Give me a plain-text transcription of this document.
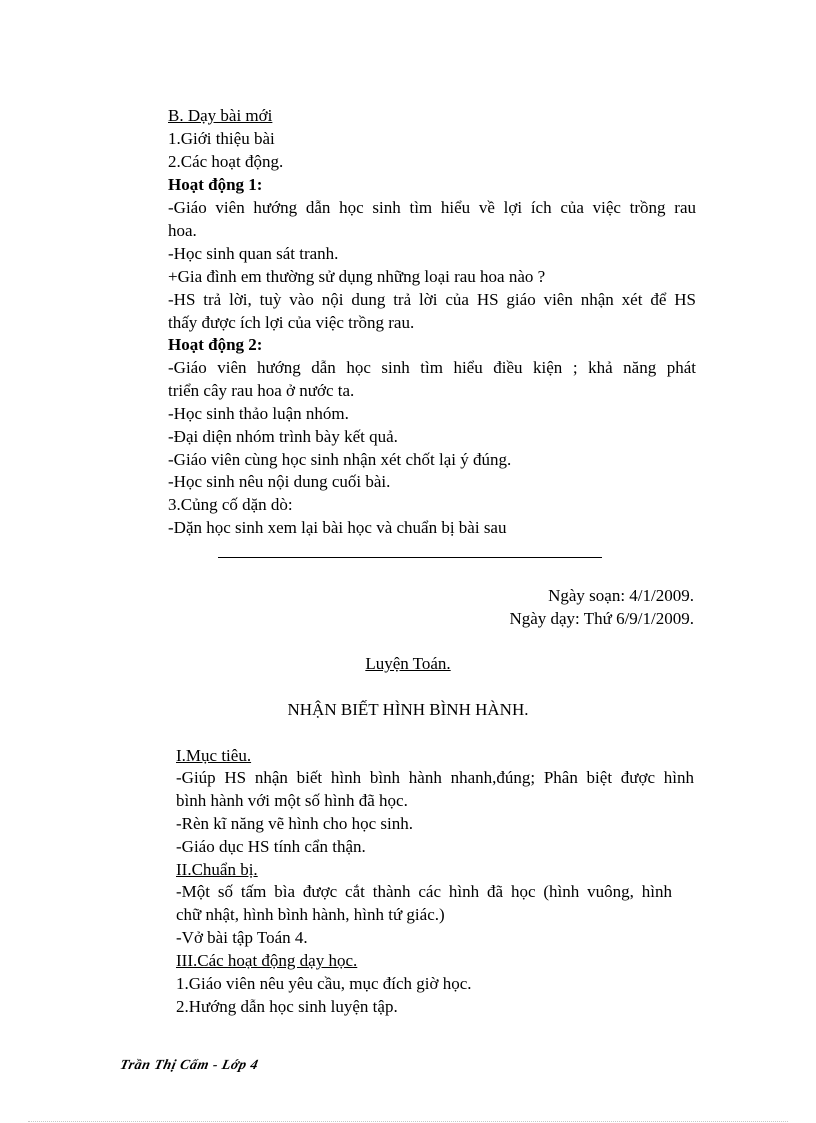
B. Dạy bài mới
1.Giới thiệu bài
2.Các hoạt động.
Hoạt động 1:
-Giáo viên hướng dẫn học sinh tìm hiểu về lợi ích của việc trồng rau
hoa.
-Học sinh quan sát tranh.
+Gia đình em thường sử dụng những loại rau hoa nào ?
-HS trả lời, tuỳ vào nội dung trả lời của HS giáo viên nhận xét để HS
thấy được ích lợi của việc trồng rau.
Hoạt động 2:
-Giáo viên hướng dẫn học sinh tìm hiểu điều kiện ; khả năng phát
triển cây rau hoa ở nước ta.
-Học sinh thảo luận nhóm.
-Đại diện nhóm trình bày kết quả.
-Giáo viên cùng học sinh nhận xét chốt lại ý đúng.
-Học sinh nêu nội dung cuối bài.
3.Củng cố dặn dò:
-Dặn học sinh xem lại bài học và chuẩn bị bài sau
Ngày soạn: 4/1/2009.
Ngày dạy: Thứ 6/9/1/2009.
Luyện Toán.
NHẬN BIẾT HÌNH BÌNH HÀNH.
I.Mục tiêu.
-Giúp HS nhận biết hình bình hành nhanh,đúng; Phân biệt được hình
bình hành với một số hình đã học.
-Rèn kĩ năng vẽ hình cho học sinh.
-Giáo dục HS tính cẩn thận.
II.Chuẩn bị.
-Một số tấm bìa được cắt thành các hình đã học (hình vuông, hình
chữ nhật, hình bình hành, hình tứ giác.)
-Vở bài tập Toán 4.
III.Các hoạt động dạy học.
1.Giáo viên nêu yêu cầu, mục đích giờ học.
2.Hướng dẫn học sinh luyện tập.
Trần Thị Cẩm - Lớp 4
